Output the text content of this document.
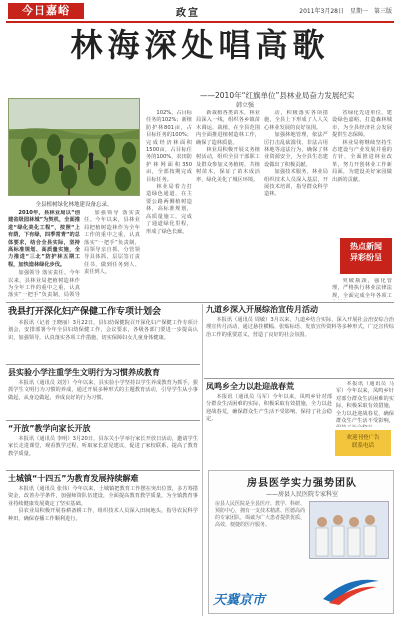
今日嘉峪	政宣	2011年3月28日　星期一　第三版
林海深处唱高歌
——2010年“红旗单位”县林业局奋力发展纪实
韩立强
全县植树绿化林地建设备忘录。

2010年，县林业局以“创建省级园林城”为契机，全面推进“绿化美化工程”，按照“上有荫，下有绿，四季常青”的总体要求，结合全县实际，坚持高标准规划、高质量实施，全力推进“三北”防护林五期工程，加快造林绿化步伐。

加强领导 落实责任。今年以来，县林业局把植树造林作为全年工作的重中之重，认真落实“一把手”负责制，局领导

加强领导 落实责任。今年以来，县林业局把植树造林作为全年工作的重中之重，认真落实“一把手”负责制，局领导亲自抓，分管领导具体抓，层层签订责任书，做到任务到人、责任到人。

102%，占目标任务的102%；新植防护林801亩，占目标任务的100%；完成经济林面积1500亩，占目标任务的100%，农田防护林网面积350亩，全部按期完成目标任务。

林业局着力打造绿色通道，在主要公路两侧植树造林，高标准规划，高质量施工，完成了通道绿化里程，形成了绿色长廊。

新栽植各类苗木，林业局深入一线，组织各乡镇苗木调运、栽植，在全县范围内全面推进植树造林工作，确保了造林质量。

林业局积极开展义务植树活动，组织全县干部职工及群众参加义务植树，共植树苗木，保证了苗木成活率，绿化美化了城区环境。

动，积极落实各项措施，全县上下形成了人人关心林业发展的良好氛围。

加强林地管理，依法严厉打击乱砍滥伐、非法占用林地等违法行为，确保了林业资源安全，为全县生态建设做出了积极贡献。

加强技术服务，林业局组织技术人员深入基层，开展技术培训，指导群众科学造林。

省绿化先进单位，建设绿色嘉峪，打造森林城市，为全县经济社会发展提供生态保障。

林业局将继续坚持生态建设与产业发展并重的方针，全面推进林业改革，努力开创林业工作新局面，为建设美好家园做出新的贡献。

热点新闻
异彩纷呈

突破瓶颈，强化管理，严格执行林业法律法规，全面完成全年各项工

我县打开深化妇产保健工作专项计划会

本报讯（记者 王晓丽）3月22日，县妇幼保健院召开深化妇产保健工作专项计划会，安排部署今年全县妇幼保健工作，会议要求，各级各部门要进一步提高认识，加强领导，认真落实各项工作措施，切实保障妇女儿童身体健康。

县实验小学注重学生文明行为习惯养成教育

本报讯（通讯员 刘芳）今年以来，县实验小学坚持以学生养成教育为抓手，狠抓学生文明行为习惯的养成，通过开展多种形式的主题教育活动，引导学生从小事做起，从身边做起，养成良好的行为习惯。

“开放”教学向家长开放

本报讯（通讯员 李明）3月20日，县东关小学举行家长开放日活动，邀请学生家长走进课堂，观看教学过程，听取家长意见建议，促进了家校联系，提高了教育教学质量。

土城镇“十四五”为教育发展持续解难

本报讯（通讯员 张伟）今年以来，土城镇把教育工作摆在突出位置，多方筹措资金，改善办学条件，加强师资队伍建设，全面提高教育教学质量，为全镇教育事业持续健康发展奠定了坚实基础。

县农业局积极开展春耕备耕工作，组织技术人员深入田间地头，指导农民科学种田，确保春播工作顺利进行。

九道乡深入开展综治宣传月活动

本报讯（通讯员 周敏）3月以来，九道乡结合实际，深入开展社会治安综合治理宣传月活动，通过悬挂横幅、张贴标语、发放宣传资料等多种形式，广泛宣传综治工作的重要意义，营造了良好的社会氛围。

凤鸣乡全力以赴迎战春荒

本报讯（通讯员 马军）今年以来，凤鸣乡针对部分群众生活困难的实际，积极采取有效措施，全力以赴迎战春荒，确保群众生产生活不受影响，保持了社会稳定。

本报讯（通讯员 马军）今年以来，凤鸣乡针对部分群众生活困难的实际，积极采取有效措施，全力以赴迎战春荒，确保群众生产生活不受影响，

欢迎刊登广告
联系电话
房县医学实力强势团队
——房县人民医院专家科室
房县人民医院是全县医疗、教学、科研、预防中心，拥有一支技术精湛、医德高尚的专家团队，竭诚为广大患者提供优质、高效、便捷的医疗服务。
天冀京市
